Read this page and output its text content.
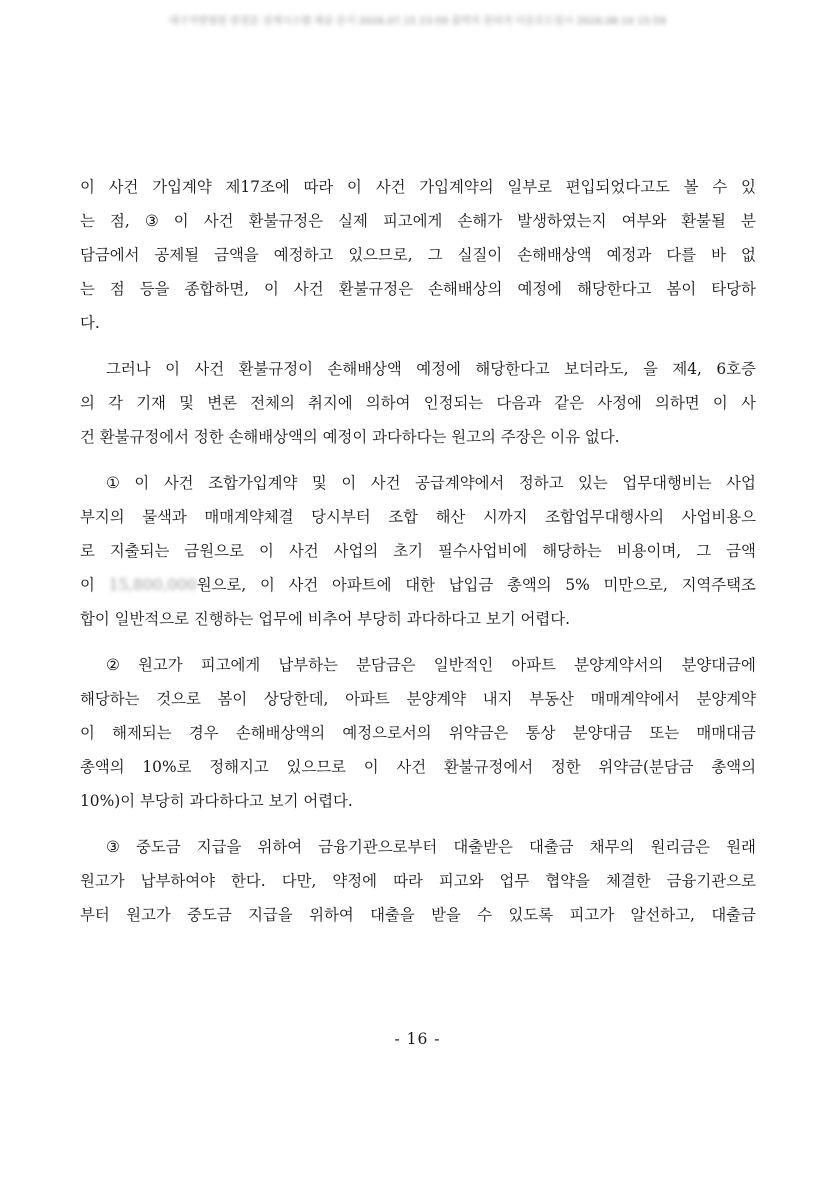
대구지방법원 판결문 검색시스템 제공 문서 2026.07.15 23:59 출력자 관리자 다운로드일시 2026.08.10 15:59
이 사건 가입계약 제17조에 따라 이 사건 가입계약의 일부로 편입되었다고도 볼 수 있
는 점, ③ 이 사건 환불규정은 실제 피고에게 손해가 발생하였는지 여부와 환불될 분
담금에서 공제될 금액을 예정하고 있으므로, 그 실질이 손해배상액 예정과 다를 바 없
는 점 등을 종합하면, 이 사건 환불규정은 손해배상의 예정에 해당한다고 봄이 타당하
다.
그러나 이 사건 환불규정이 손해배상액 예정에 해당한다고 보더라도, 을 제4, 6호증
의 각 기재 및 변론 전체의 취지에 의하여 인정되는 다음과 같은 사정에 의하면 이 사
건 환불규정에서 정한 손해배상액의 예정이 과다하다는 원고의 주장은 이유 없다.
① 이 사건 조합가입계약 및 이 사건 공급계약에서 정하고 있는 업무대행비는 사업
부지의 물색과 매매계약체결 당시부터 조합 해산 시까지 조합업무대행사의 사업비용으
로 지출되는 금원으로 이 사건 사업의 초기 필수사업비에 해당하는 비용이며, 그 금액
이 15,800,000원으로, 이 사건 아파트에 대한 납입금 총액의 5% 미만으로, 지역주택조
합이 일반적으로 진행하는 업무에 비추어 부당히 과다하다고 보기 어렵다.
② 원고가 피고에게 납부하는 분담금은 일반적인 아파트 분양계약서의 분양대금에
해당하는 것으로 봄이 상당한데, 아파트 분양계약 내지 부동산 매매계약에서 분양계약
이 해제되는 경우 손해배상액의 예정으로서의 위약금은 통상 분양대금 또는 매매대금
총액의 10%로 정해지고 있으므로 이 사건 환불규정에서 정한 위약금(분담금 총액의
10%)이 부당히 과다하다고 보기 어렵다.
③ 중도금 지급을 위하여 금융기관으로부터 대출받은 대출금 채무의 원리금은 원래
원고가 납부하여야 한다. 다만, 약정에 따라 피고와 업무 협약을 체결한 금융기관으로
부터 원고가 중도금 지급을 위하여 대출을 받을 수 있도록 피고가 알선하고, 대출금
- 16 -
